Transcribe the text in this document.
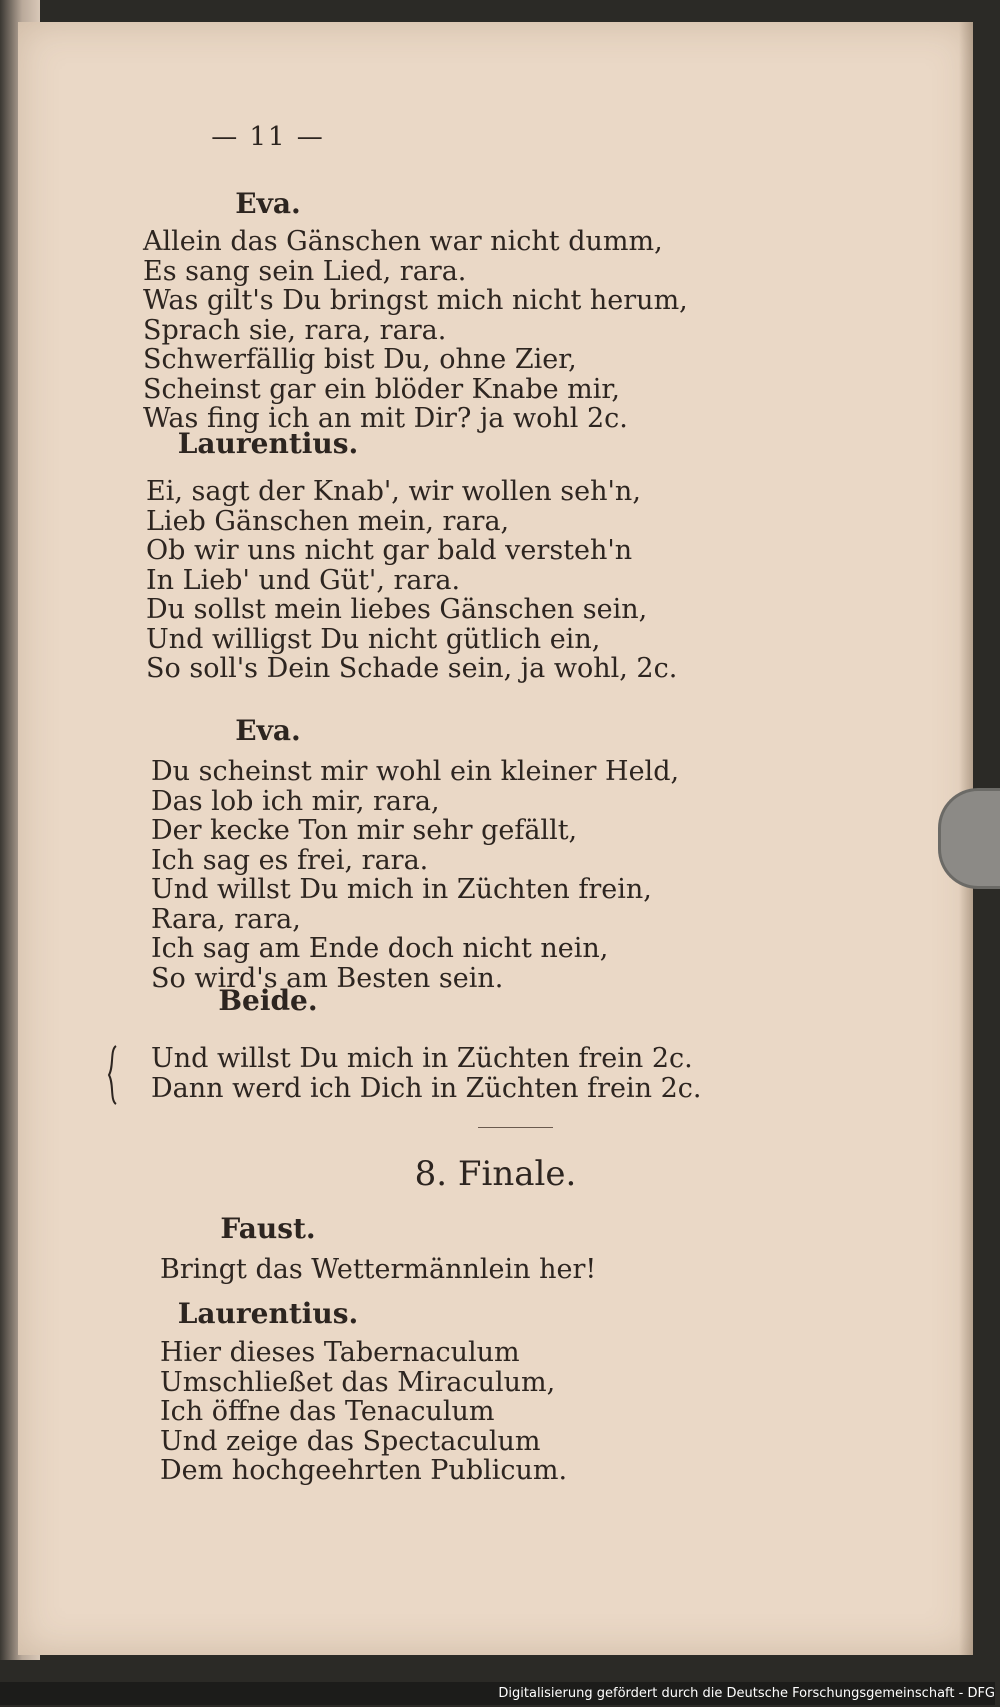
— 11 —
Eva.
Allein das Gänschen war nicht dumm,
Es sang sein Lied, rara.
Was gilt's Du bringst mich nicht herum,
Sprach sie, rara, rara.
Schwerfällig bist Du, ohne Zier,
Scheinst gar ein blöder Knabe mir,
Was fing ich an mit Dir? ja wohl 2c.
Laurentius.
Ei, sagt der Knab', wir wollen seh'n,
Lieb Gänschen mein, rara,
Ob wir uns nicht gar bald versteh'n
In Lieb' und Güt', rara.
Du sollst mein liebes Gänschen sein,
Und willigst Du nicht gütlich ein,
So soll's Dein Schade sein, ja wohl, 2c.
Eva.
Du scheinst mir wohl ein kleiner Held,
Das lob ich mir, rara,
Der kecke Ton mir sehr gefällt,
Ich sag es frei, rara.
Und willst Du mich in Züchten frein,
Rara, rara,
Ich sag am Ende doch nicht nein,
So wird's am Besten sein.
Beide.
Und willst Du mich in Züchten frein 2c.
Dann werd ich Dich in Züchten frein 2c.
8. Finale.
Faust.
Bringt das Wettermännlein her!
Laurentius.
Hier dieses Tabernaculum
Umschließet das Miraculum,
Ich öffne das Tenaculum
Und zeige das Spectaculum
Dem hochgeehrten Publicum.
Digitalisierung gefördert durch die Deutsche Forschungsgemeinschaft - DFG
